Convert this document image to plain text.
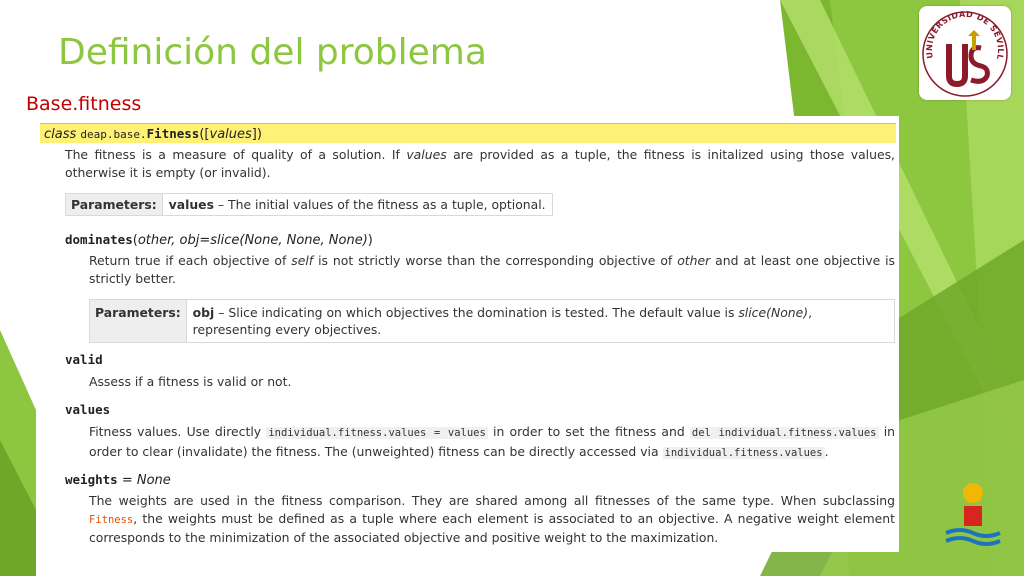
Definición del problema
Base.fitness
UNIVERSIDAD DE SEVILL
class deap.base.Fitness([values])
The fitness is a measure of quality of a solution. If values are provided as a tuple, the fitness is initalized using those values, otherwise it is empty (or invalid).
Parameters: values – The initial values of the fitness as a tuple, optional.
dominates(other, obj=slice(None, None, None))
Return true if each objective of self is not strictly worse than the corresponding objective of other and at least one objective is strictly better.
Parameters: obj – Slice indicating on which objectives the domination is tested. The default value is slice(None), representing every objectives.
valid
Assess if a fitness is valid or not.
values
Fitness values. Use directly individual.fitness.values = values in order to set the fitness and del individual.fitness.values in order to clear (invalidate) the fitness. The (unweighted) fitness can be directly accessed via individual.fitness.values .
weights = None
The weights are used in the fitness comparison. They are shared among all fitnesses of the same type. When subclassing Fitness, the weights must be defined as a tuple where each element is associated to an objective. A negative weight element corresponds to the minimization of the associated objective and positive weight to the maximization.
